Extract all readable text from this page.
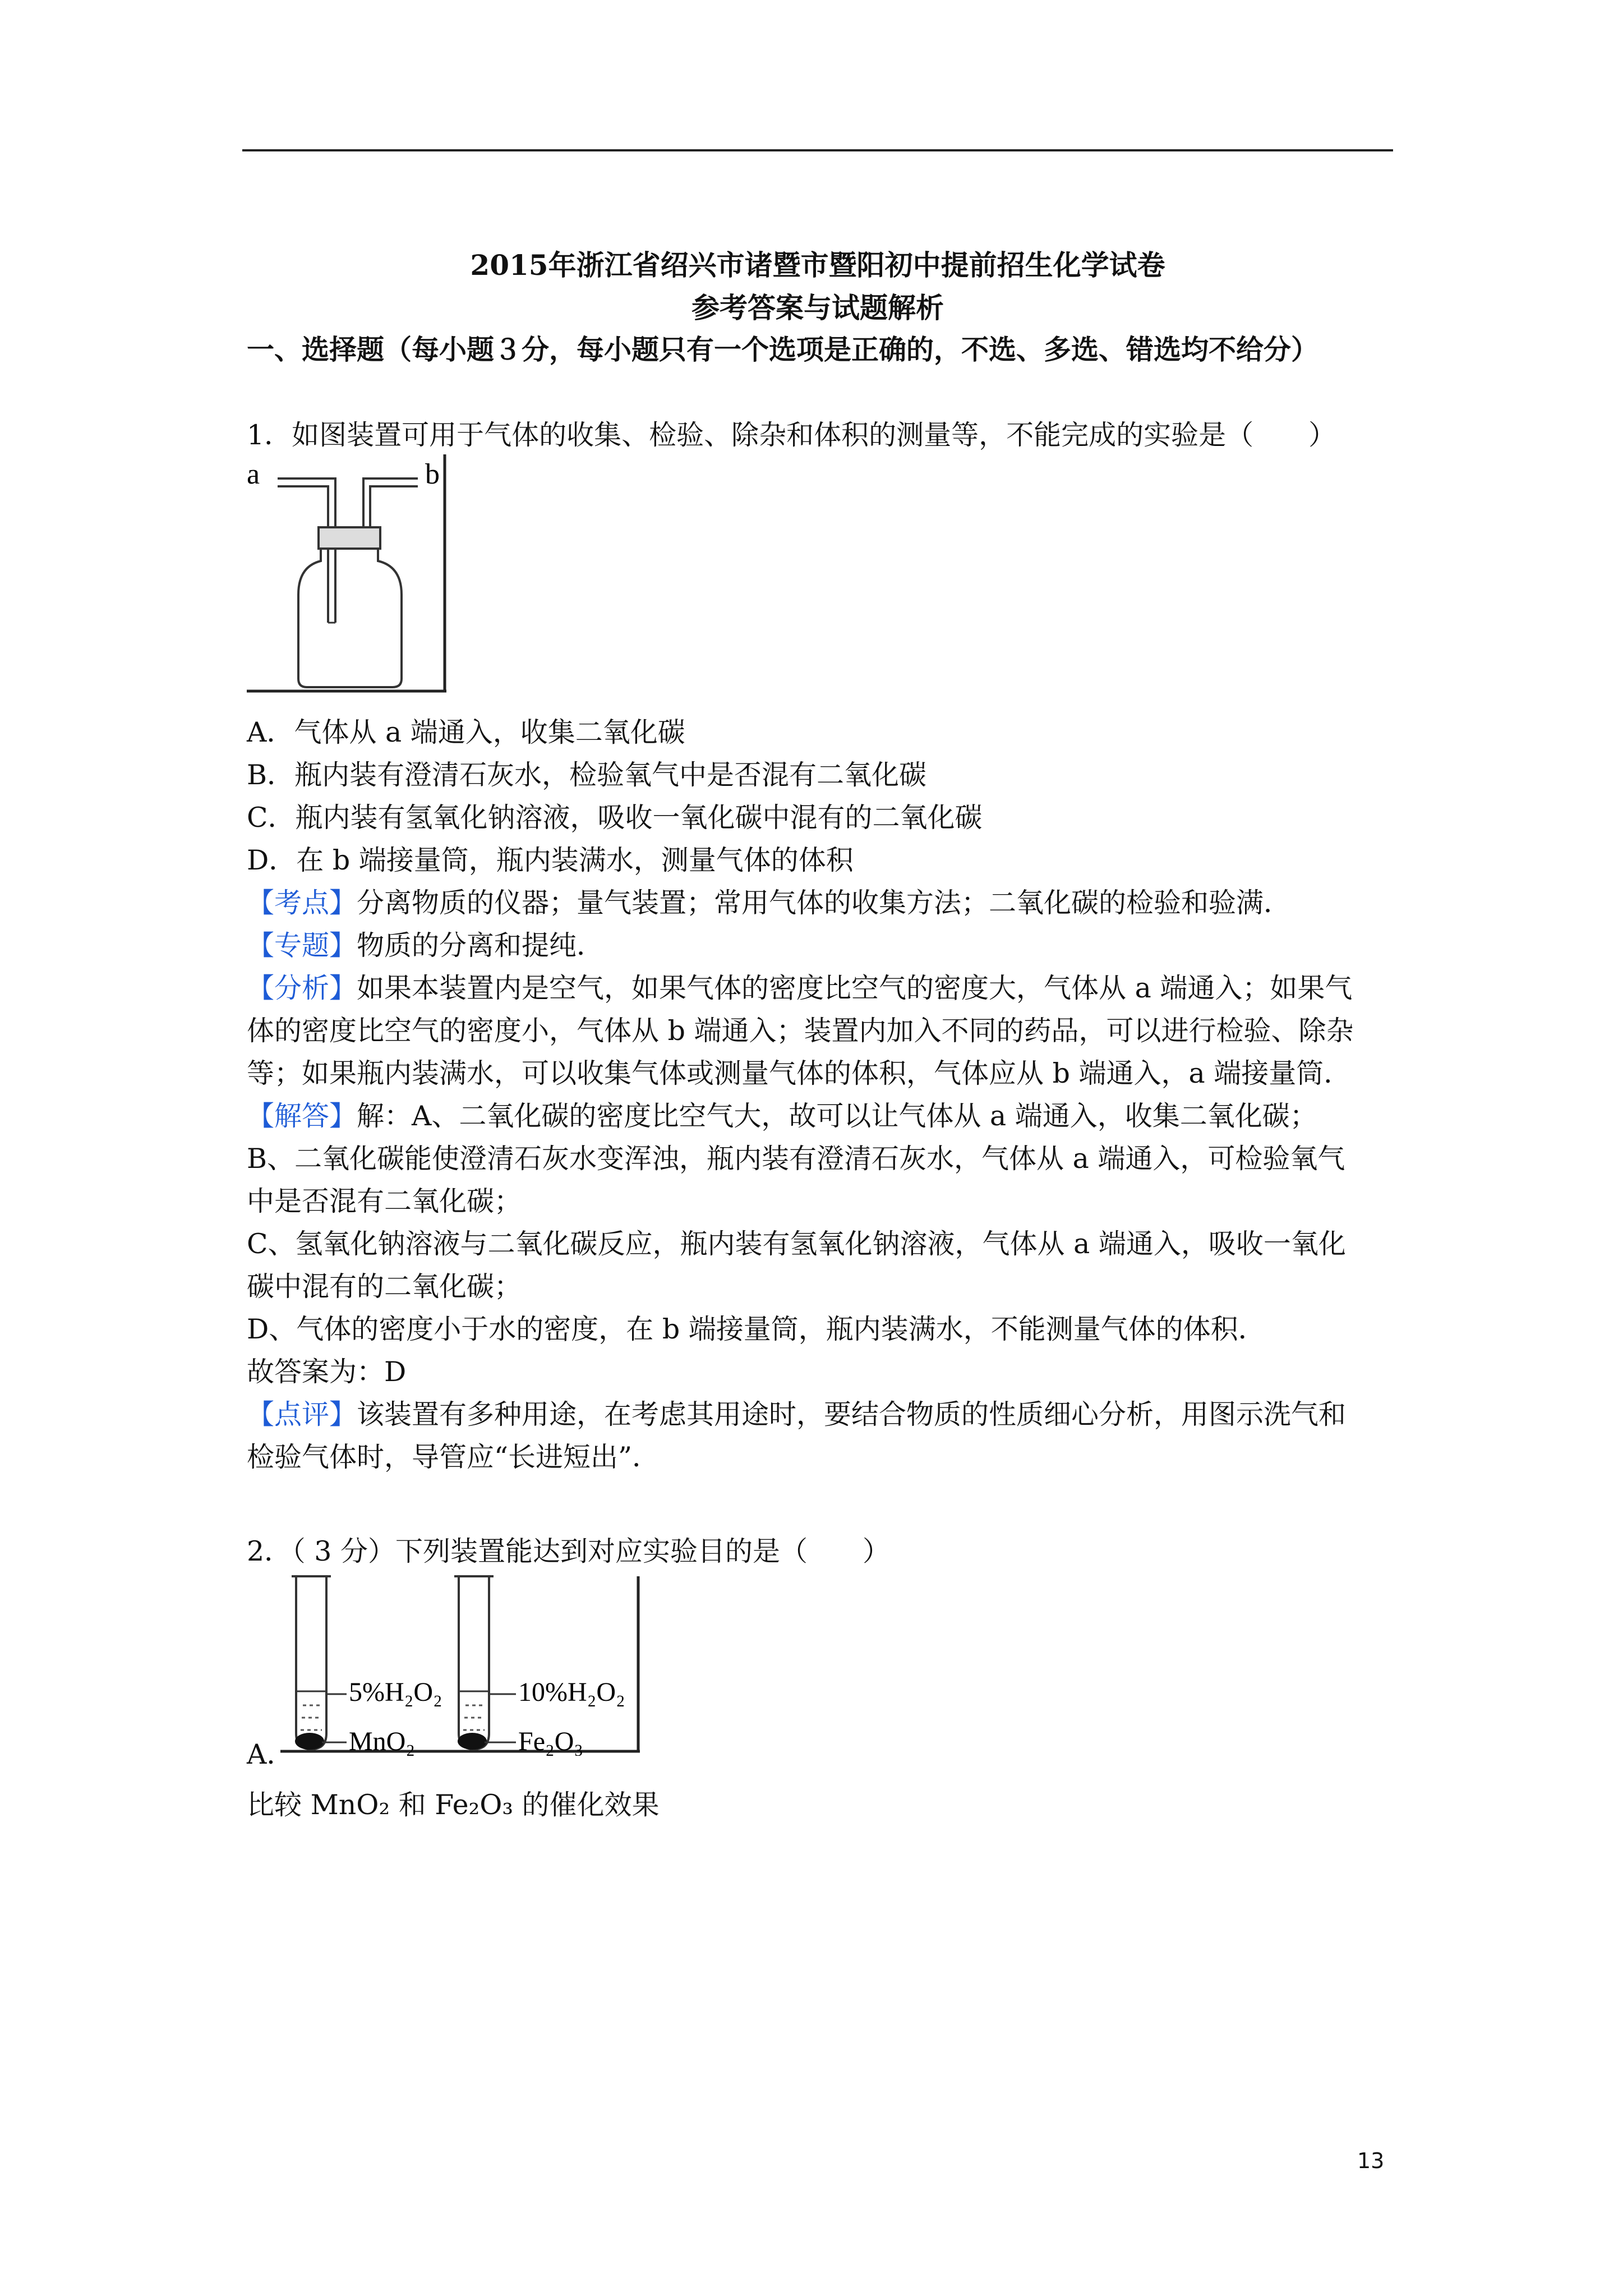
2015年浙江省绍兴市诸暨市暨阳初中提前招生化学试卷
参考答案与试题解析
一、选择题（每小题３分，每小题只有一个选项是正确的，不选、多选、错选均不给分）
1．如图装置可用于气体的收集、检验、除杂和体积的测量等，不能完成的实验是（　　）
a	b
A．气体从 a 端通入，收集二氧化碳
B．瓶内装有澄清石灰水，检验氧气中是否混有二氧化碳
C．瓶内装有氢氧化钠溶液，吸收一氧化碳中混有的二氧化碳
D．在 b 端接量筒，瓶内装满水，测量气体的体积
【考点】分离物质的仪器；量气装置；常用气体的收集方法；二氧化碳的检验和验满．
【专题】物质的分离和提纯．
【分析】如果本装置内是空气，如果气体的密度比空气的密度大，气体从 a 端通入；如果气
体的密度比空气的密度小，气体从 b 端通入；装置内加入不同的药品，可以进行检验、除杂
等；如果瓶内装满水，可以收集气体或测量气体的体积，气体应从 b 端通入，a 端接量筒．
【解答】解：A、二氧化碳的密度比空气大，故可以让气体从 a 端通入，收集二氧化碳；
B、二氧化碳能使澄清石灰水变浑浊，瓶内装有澄清石灰水，气体从 a 端通入，可检验氧气
中是否混有二氧化碳；
C、氢氧化钠溶液与二氧化碳反应，瓶内装有氢氧化钠溶液，气体从 a 端通入，吸收一氧化
碳中混有的二氧化碳；
D、气体的密度小于水的密度，在 b 端接量筒，瓶内装满水，不能测量气体的体积．
故答案为：D
【点评】该装置有多种用途，在考虑其用途时，要结合物质的性质细心分析，用图示洗气和
检验气体时，导管应“长进短出”．
2．（ 3 分）下列装置能达到对应实验目的是（　　）
5%H₂O₂
MnO₂
10%H₂O₂
Fe₂O₃
A．
比较 MnO₂ 和 Fe₂O₃ 的催化效果
13
